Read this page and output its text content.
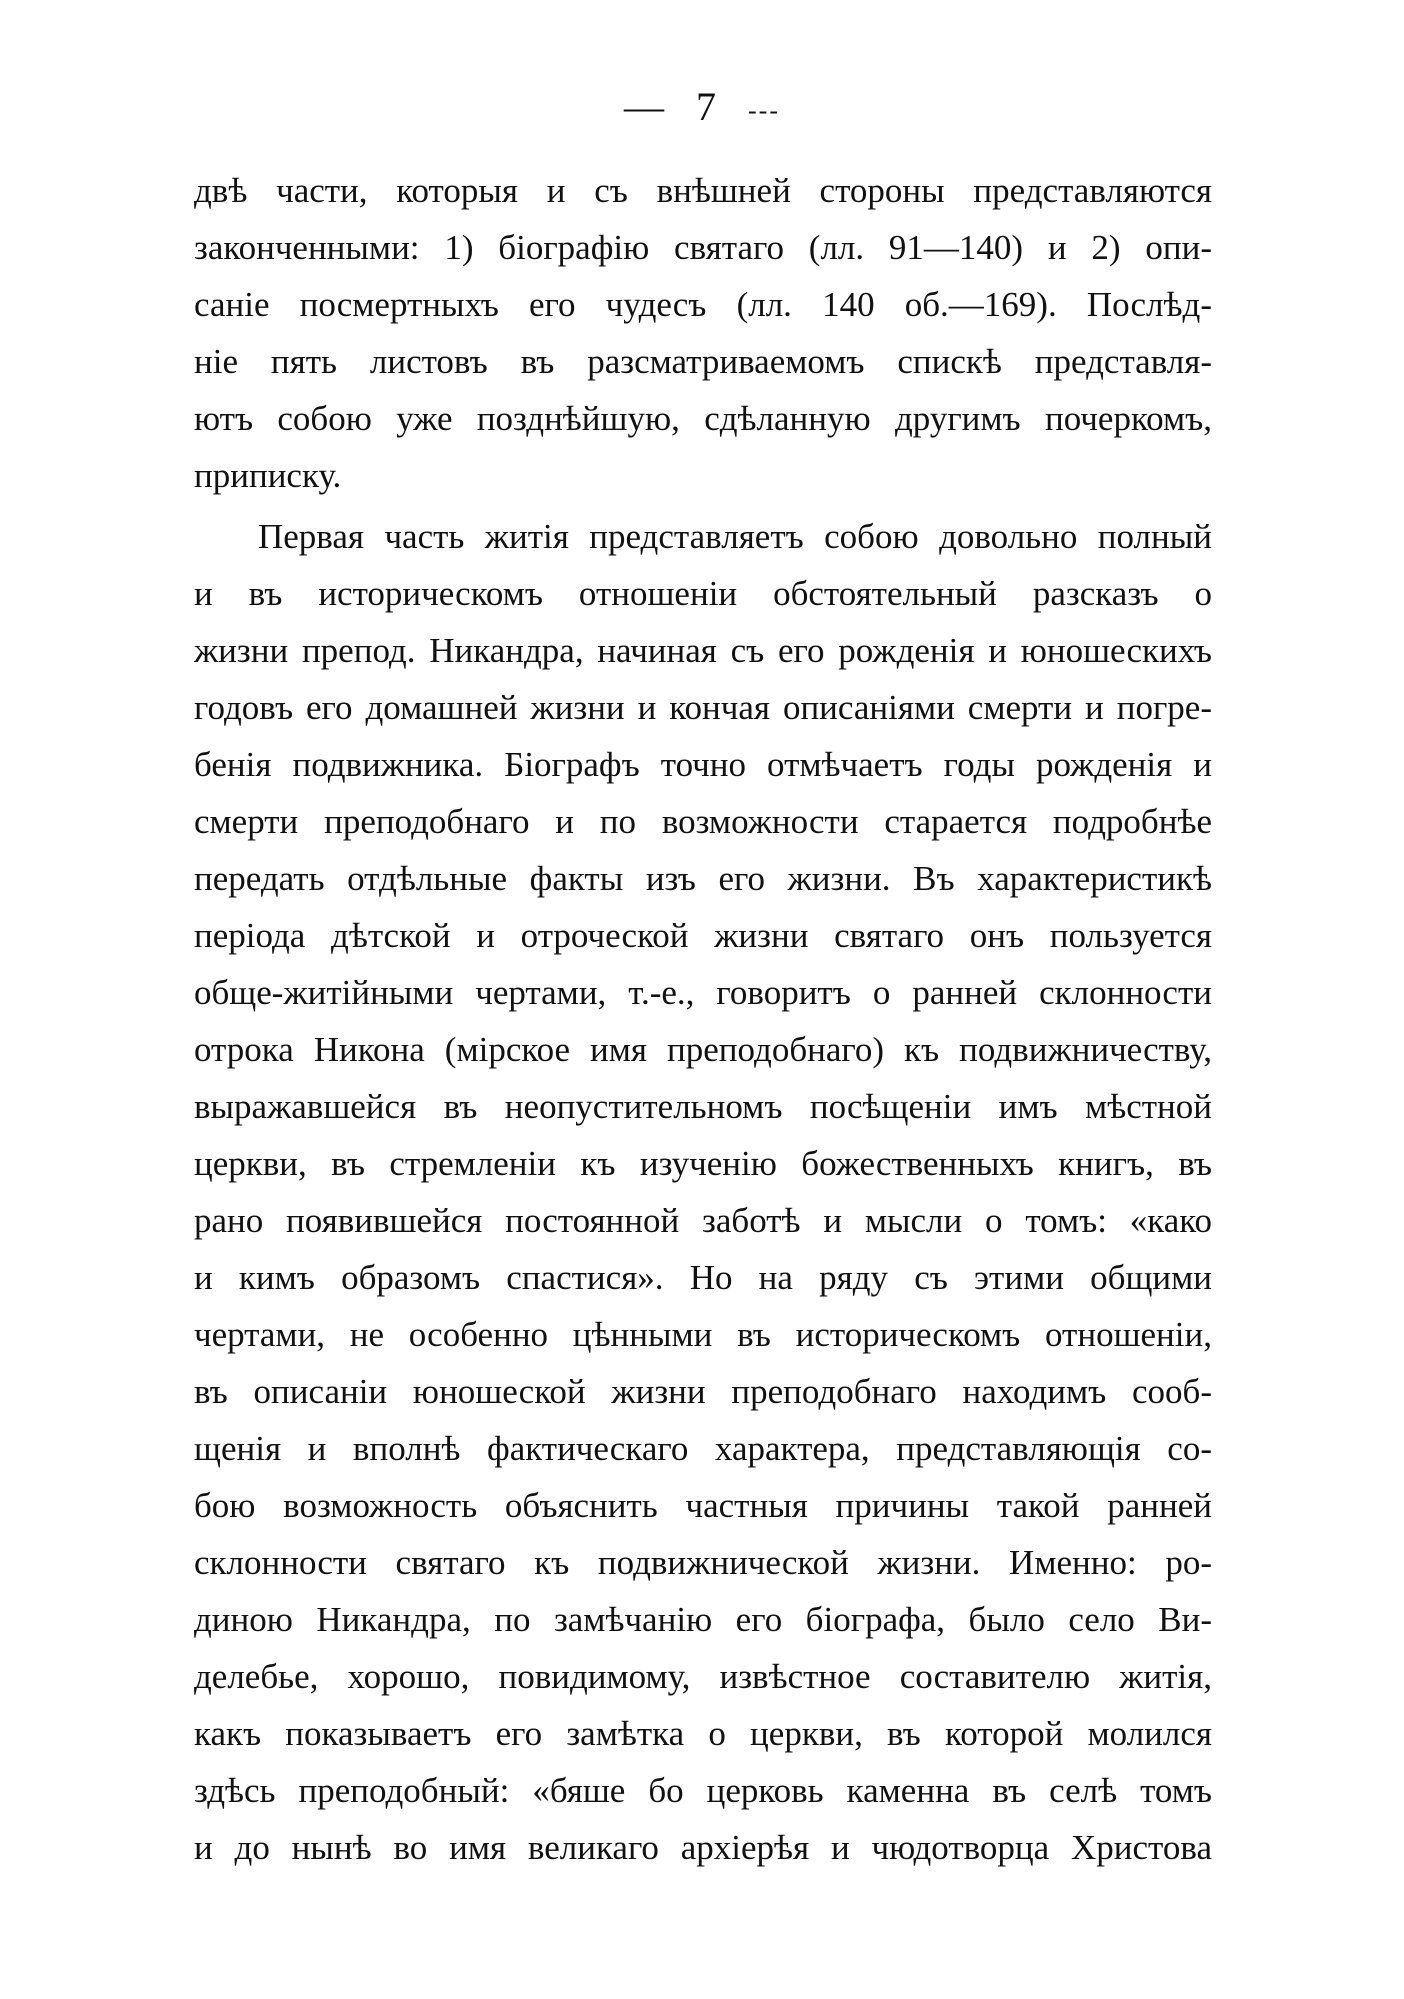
— 7 ---
двѣ части, которыя и съ внѣшней стороны представляются
законченными: 1) біографію святаго (лл. 91—140) и 2) опи-
саніе посмертныхъ его чудесъ (лл. 140 об.—169). Послѣд-
ніе пять листовъ въ разсматриваемомъ спискѣ представля-
ютъ собою уже позднѣйшую, сдѣланную другимъ почеркомъ,
приписку.
Первая часть житія представляетъ собою довольно полный
и въ историческомъ отношеніи обстоятельный разсказъ о
жизни препод. Никандра, начиная съ его рожденія и юношескихъ
годовъ его домашней жизни и кончая описаніями смерти и погре-
бенія подвижника. Біографъ точно отмѣчаетъ годы рожденія и
смерти преподобнаго и по возможности старается подробнѣе
передать отдѣльные факты изъ его жизни. Въ характеристикѣ
періода дѣтской и отроческой жизни святаго онъ пользуется
обще-житійными чертами, т.-е., говоритъ о ранней склонности
отрока Никона (мірское имя преподобнаго) къ подвижничеству,
выражавшейся въ неопустительномъ посѣщеніи имъ мѣстной
церкви, въ стремленіи къ изученію божественныхъ книгъ, въ
рано появившейся постоянной заботѣ и мысли о томъ: «како
и кимъ образомъ спастися». Но на ряду съ этими общими
чертами, не особенно цѣнными въ историческомъ отношеніи,
въ описаніи юношеской жизни преподобнаго находимъ сооб-
щенія и вполнѣ фактическаго характера, представляющія со-
бою возможность объяснить частныя причины такой ранней
склонности святаго къ подвижнической жизни. Именно: ро-
диною Никандра, по замѣчанію его біографа, было село Ви-
делебье, хорошо, повидимому, извѣстное составителю житія,
какъ показываетъ его замѣтка о церкви, въ которой молился
здѣсь преподобный: «бяше бо церковь каменна въ селѣ томъ
и до нынѣ во имя великаго архіерѣя и чюдотворца Христова
